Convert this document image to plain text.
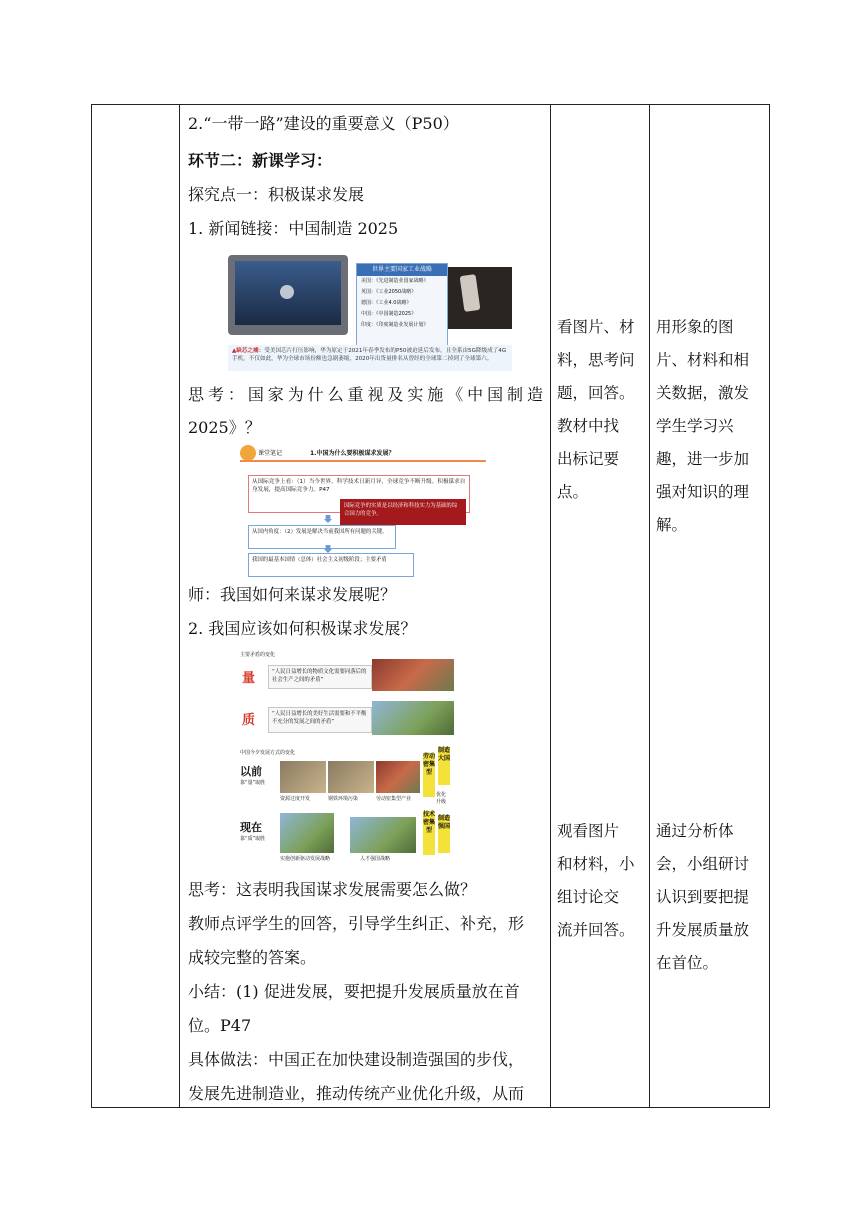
2.“一带一路”建设的重要意义（P50）
环节二：新课学习：
探究点一：积极谋求发展
1. 新闻链接：中国制造 2025
世界主要国家工业战略
美国：《先进制造业国家战略》
英国：《工业2050战略》
德国：《工业4.0战略》
中国：《中国制造2025》
印度：《印度制造业发展计划》
▲缺芯之痛：受美国芯片打压影响，华为原定于2021年春季发布的P50被迫延后发布，且全系由5G降级成了4G手机。不仅如此，华为全球市场份额也急剧萎缩，2020年出货量排名从曾经的全球第二掉到了全球第六。
思 考 ： 国 家 为 什 么 重 视 及 实 施 《 中 国 制 造
2025》？
课堂笔记	1.中国为什么要积极谋求发展？
从国际竞争上看：（1）当今世界，科学技术日新月异，全球竞争不断升级。积极谋求自身发展，提高国际竞争力。P47
国际竞争的实质是以经济和科技实力为基础的综合国力的竞争。
从国内角度：（2）发展是解决当前我国所有问题的关键。
我国的最基本国情（总体）社会主义初级阶段；主要矛盾
师：我国如何来谋求发展呢？
2. 我国应该如何积极谋求发展？
主要矛盾的变化
量	“人民日益增长的物质文化需要同落后的社会生产之间的矛盾”
质	“人民日益增长的美好生活需要和不平衡不充分的发展之间的矛盾”
中国今夕发展方式的变化
以前
靠“量”取胜
劳动密集型
制造大国
优化升级
现在
靠“质”取胜
技术密集型
制造强国
资源过度开发	钢铁环境污染	劳动密集型产业
实施创新驱动发展战略	人才强国战略
思考：这表明我国谋求发展需要怎么做？
教师点评学生的回答，引导学生纠正、补充，形
成较完整的答案。
小结：(1) 促进发展，要把提升发展质量放在首
位。P47
具体做法：中国正在加快建设制造强国的步伐，
发展先进制造业，推动传统产业优化升级，从而

看图片、材
料，思考问
题，回答。
教材中找
出标记要
点。
观看图片
和材料，小
组讨论交
流并回答。

用形象的图
片、材料和相
关数据，激发
学生学习兴
趣，进一步加
强对知识的理
解。
通过分析体
会，小组研讨
认识到要把提
升发展质量放
在首位。
